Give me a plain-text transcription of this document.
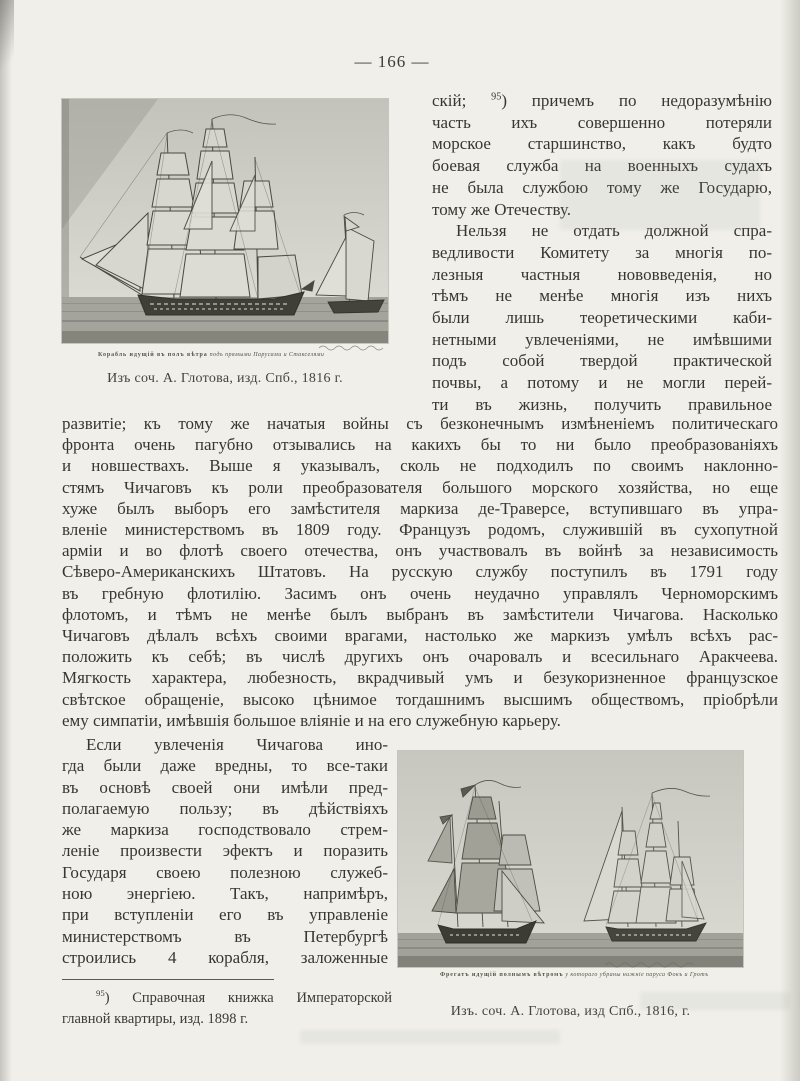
— 166 —
Корабль идущій въ полъ вѣтра подъ прямыми Парусами и Стакселями
Изъ соч. А. Глотова, изд. Спб., 1816 г.
скій; $^{95}$) причемъ по недоразумѣнію
часть ихъ совершенно потеряли
морское старшинство, какъ будто
боевая служба на военныхъ судахъ
не была службою тому же Государю,
тому же Отечеству.
Нельзя не отдать должной спра-
ведливости Комитету за многія по-
лезныя частныя нововведенія, но
тѣмъ не менѣе многія изъ нихъ
были лишь теоретическими каби-
нетными увлеченіями, не имѣвшими
подъ собой твердой практической
почвы, а потому и не могли перей-
ти въ жизнь, получить правильное
развитіе; къ тому же начатыя войны съ безконечнымъ измѣненіемъ политическаго
фронта очень пагубно отзывались на какихъ бы то ни было преобразованіяхъ
и новшествахъ. Выше я указывалъ, сколь не подходилъ по своимъ наклонно-
стямъ Чичаговъ къ роли преобразователя большого морского хозяйства, но еще
хуже былъ выборъ его замѣстителя маркиза де-Траверсе, вступившаго въ упра-
вленіе министерствомъ въ 1809 году. Французъ родомъ, служившій въ сухопутной
арміи и во флотѣ своего отечества, онъ участвовалъ въ войнѣ за независимость
Сѣверо-Американскихъ Штатовъ. На русскую службу поступилъ въ 1791 году
въ гребную флотилію. Засимъ онъ очень неудачно управлялъ Черноморскимъ
флотомъ, и тѣмъ не менѣе былъ выбранъ въ замѣстители Чичагова. Насколько
Чичаговъ дѣлалъ всѣхъ своими врагами, настолько же маркизъ умѣлъ всѣхъ рас-
положить къ себѣ; въ числѣ другихъ онъ очаровалъ и всесильнаго Аракчеева.
Мягкость характера, любезность, вкрадчивый умъ и безукоризненное французское
свѣтское обращеніе, высоко цѣнимое тогдашнимъ высшимъ обществомъ, пріобрѣли
ему симпатіи, имѣвшія большое вліяніе и на его служебную карьеру.
Если увлеченія Чичагова ино-
гда были даже вредны, то все-таки
въ основѣ своей они имѣли пред-
полагаемую пользу; въ дѣйствіяхъ
же маркиза господствовало стрем-
леніе произвести эфектъ и поразить
Государя своею полезною служеб-
ною энергіею. Такъ, напримѣръ,
при вступленіи его въ управленіе
министерствомъ въ Петербургѣ
строились 4 корабля, заложенные
$^{95}$) Справочная книжка Императорской
главной квартиры, изд. 1898 г.
Фрегатъ идущій полнымъ вѣтромъ у котораго убраны нижніе паруса Фокъ и Гротъ
Изъ. соч. А. Глотова, изд Спб., 1816, г.
